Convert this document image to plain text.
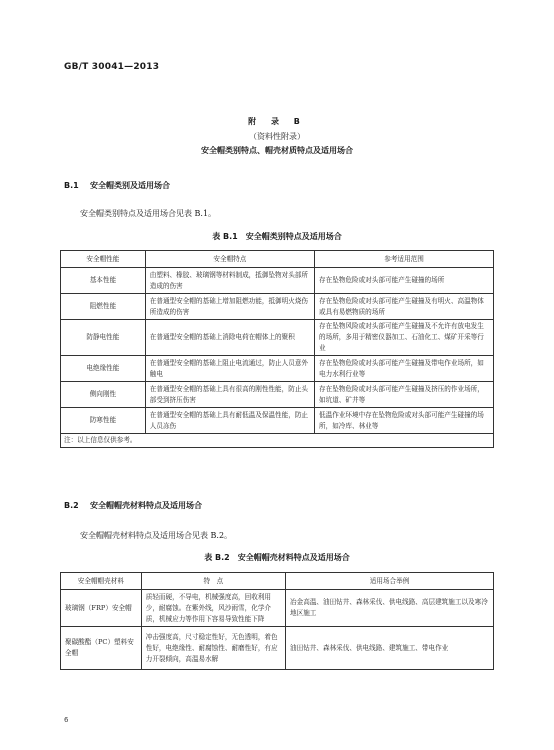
GB/T 30041—2013
附 录 B
（资料性附录）
安全帽类别特点、帽壳材质特点及适用场合
B.1 安全帽类别及适用场合
安全帽类别特点及适用场合见表 B.1。
表 B.1　安全帽类别特点及适用场合
安全帽性能	安全帽特点	参考适用范围
基本性能	由塑料、橡胶、玻璃钢等材料制成，抵御坠物对头部所造成的伤害	存在坠物危险或对头部可能产生碰撞的场所
阻燃性能	在普通型安全帽的基础上增加阻燃功能，抵御明火烧伤所造成的伤害	存在坠物危险或对头部可能产生碰撞及有明火、高温物体或具有易燃物质的场所
防静电性能	在普通型安全帽的基础上消除电荷在帽体上的聚积	存在坠物风险或对头部可能产生碰撞及不允许有放电发生的场所，多用于精密仪器加工、石油化工、煤矿开采等行业
电绝缘性能	在普通型安全帽的基础上阻止电流通过，防止人员意外触电	存在坠物危险或对头部可能产生碰撞及带电作业场所，如电力水利行业等
侧向刚性	在普通型安全帽的基础上具有很高的刚性性能，防止头部受到挤压伤害	存在坠物危险或对头部可能产生碰撞及挤压的作业场所，如坑道、矿井等
防寒性能	在普通型安全帽的基础上具有耐低温及保温性能，防止人员冻伤	低温作业环境中存在坠物危险或对头部可能产生碰撞的场所，如冷库、林业等
注：以上信息仅供参考。		
B.2 安全帽帽壳材料特点及适用场合
安全帽帽壳材料特点及适用场合见表 B.2。
表 B.2　安全帽帽壳材料特点及适用场合
安全帽帽壳材料	特　点	适用场合举例
玻璃钢（FRP）安全帽	质轻而硬，不导电，机械强度高，回收利用少，耐腐蚀。在紫外线，风沙雨雪，化学介质，机械应力等作用下容易导致性能下降	冶金高温、油田钻井、森林采伐、供电线路、高层建筑施工以及寒冷地区施工
聚碳酸酯（PC）塑料安全帽	冲击强度高，尺寸稳定性好，无色透明，着色性好，电绝缘性、耐腐蚀性、耐磨性好，有应力开裂倾向，高温易水解	油田钻井、森林采伐、供电线路、建筑施工、带电作业
6
